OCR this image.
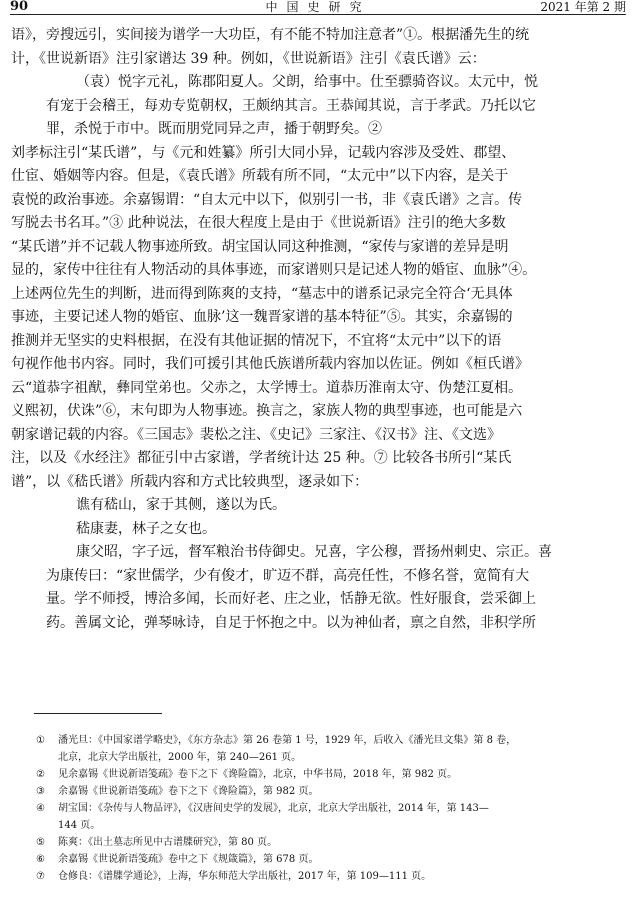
90	中国史研究	2021 年第 2 期

语》，旁搜远引，实间接为谱学一大功臣，有不能不特加注意者”①。根据潘先生的统

计，《世说新语》注引家谱达 39 种。例如，《世说新语》注引《袁氏谱》云：

（袁）悦字元礼，陈郡阳夏人。父朗，给事中。仕至骠骑咨议。太元中，悦

有宠于会稽王，每劝专览朝权，王颇纳其言。王恭闻其说，言于孝武。乃托以它

罪，杀悦于市中。既而朋党同异之声，播于朝野矣。②

刘孝标注引“某氏谱”，与《元和姓纂》所引大同小异，记载内容涉及受姓、郡望、

仕宦、婚姻等内容。但是，《袁氏谱》所载有所不同，“太元中”以下内容，是关于

袁悦的政治事迹。余嘉锡谓：“自太元中以下，似别引一书，非《袁氏谱》之言。传

写脱去书名耳。”③ 此种说法，在很大程度上是由于《世说新语》注引的绝大多数

“某氏谱”并不记载人物事迹所致。胡宝国认同这种推测，“家传与家谱的差异是明

显的，家传中往往有人物活动的具体事迹，而家谱则只是记述人物的婚宦、血脉”④。

上述两位先生的判断，进而得到陈爽的支持，“墓志中的谱系记录完全符合‘无具体

事迹，主要记述人物的婚宦、血脉’这一魏晋家谱的基本特征”⑤。其实，余嘉锡的

推测并无坚实的史料根据，在没有其他证据的情况下，不宜将“太元中”以下的语

句视作他书内容。同时，我们可援引其他氏族谱所载内容加以佐证。例如《桓氏谱》

云“道恭字祖猷，彝同堂弟也。父赤之，太学博士。道恭历淮南太守、伪楚江夏相。

义熙初，伏诛”⑥，末句即为人物事迹。换言之，家族人物的典型事迹，也可能是六

朝家谱记载的内容。《三国志》裴松之注、《史记》三家注、《汉书》注、《文选》

注，以及《水经注》都征引中古家谱，学者统计达 25 种。⑦ 比较各书所引“某氏

谱”，以《嵇氏谱》所载内容和方式比较典型，逐录如下：

谯有嵇山，家于其侧，遂以为氏。

嵇康妻，林子之女也。

康父昭，字子远，督军粮治书侍御史。兄喜，字公穆，晋扬州刺史、宗正。喜

为康传曰：“家世儒学，少有俊才，旷迈不群，高亮任性，不修名誉，宽简有大

量。学不师授，博洽多闻，长而好老、庄之业，恬静无欲。性好服食，尝采御上

药。善属文论，弹琴咏诗，自足于怀抱之中。以为神仙者，禀之自然，非积学所

① 潘光旦：《中国家谱学略史》，《东方杂志》第 26 卷第 1 号，1929 年，后收入《潘光旦文集》第 8 卷，
北京，北京大学出版社，2000 年，第 240—261 页。
② 见余嘉锡《世说新语笺疏》卷下之下《谗险篇》，北京，中华书局，2018 年，第 982 页。
③ 余嘉锡《世说新语笺疏》卷下之下《谗险篇》，第 982 页。
④ 胡宝国：《杂传与人物品评》，《汉唐间史学的发展》，北京，北京大学出版社，2014 年，第 143—
144 页。
⑤ 陈爽：《出土墓志所见中古谱牒研究》，第 80 页。
⑥ 余嘉锡《世说新语笺疏》卷中之下《规箴篇》，第 678 页。
⑦ 仓修良：《谱牒学通论》，上海，华东师范大学出版社，2017 年，第 109—111 页。
